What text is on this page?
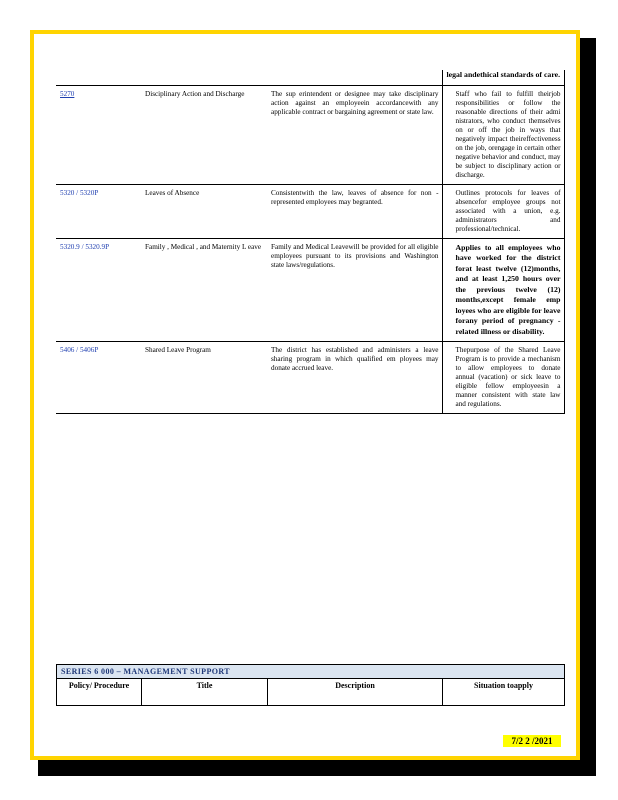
legal andethical standards of care.

5270	Disciplinary Action and Discharge	The sup erintendent or designee may take disciplinary action against an employeein accordancewith any applicable contract or bargaining agreement or state law.	Staff who fail to fulfill theirjob responsibilities or follow the reasonable directions of their admi nistrators, who conduct themselves on or off the job in ways that negatively impact theireffectiveness on the job, orengage in certain other negative behavior and conduct, may be subject to disciplinary action or discharge.

5320 / 5320P	Leaves of Absence	Consistentwith the law, leaves of absence for non - represented employees may begranted.	Outlines protocols for leaves of absencefor employee groups not associated with a union, e.g. administrators and professional/technical.

5320.9 / 5320.9P	Family , Medical , and Maternity L eave	Family and Medical Leavewill be provided for all eligible employees pursuant to its provisions and Washington state laws/regulations.	Applies to all employees who have worked for the district forat least twelve (12)months, and at least 1,250 hours over the previous twelve (12) months,except female emp loyees who are eligible for leave forany period of pregnancy - related illness or disability.

5406 / 5406P	Shared Leave Program	The district has established and administers a leave sharing program in which qualified em ployees may donate accrued leave.	Thepurpose of the Shared Leave Program is to provide a mechanism to allow employees to donate annual (vacation) or sick leave to eligible fellow employeesin a manner consistent with state law and regulations.
SERIES 6 000 – MANAGEMENT SUPPORT
Policy/ Procedure	Title	Description	Situation toapply
7/2 2 /2021
